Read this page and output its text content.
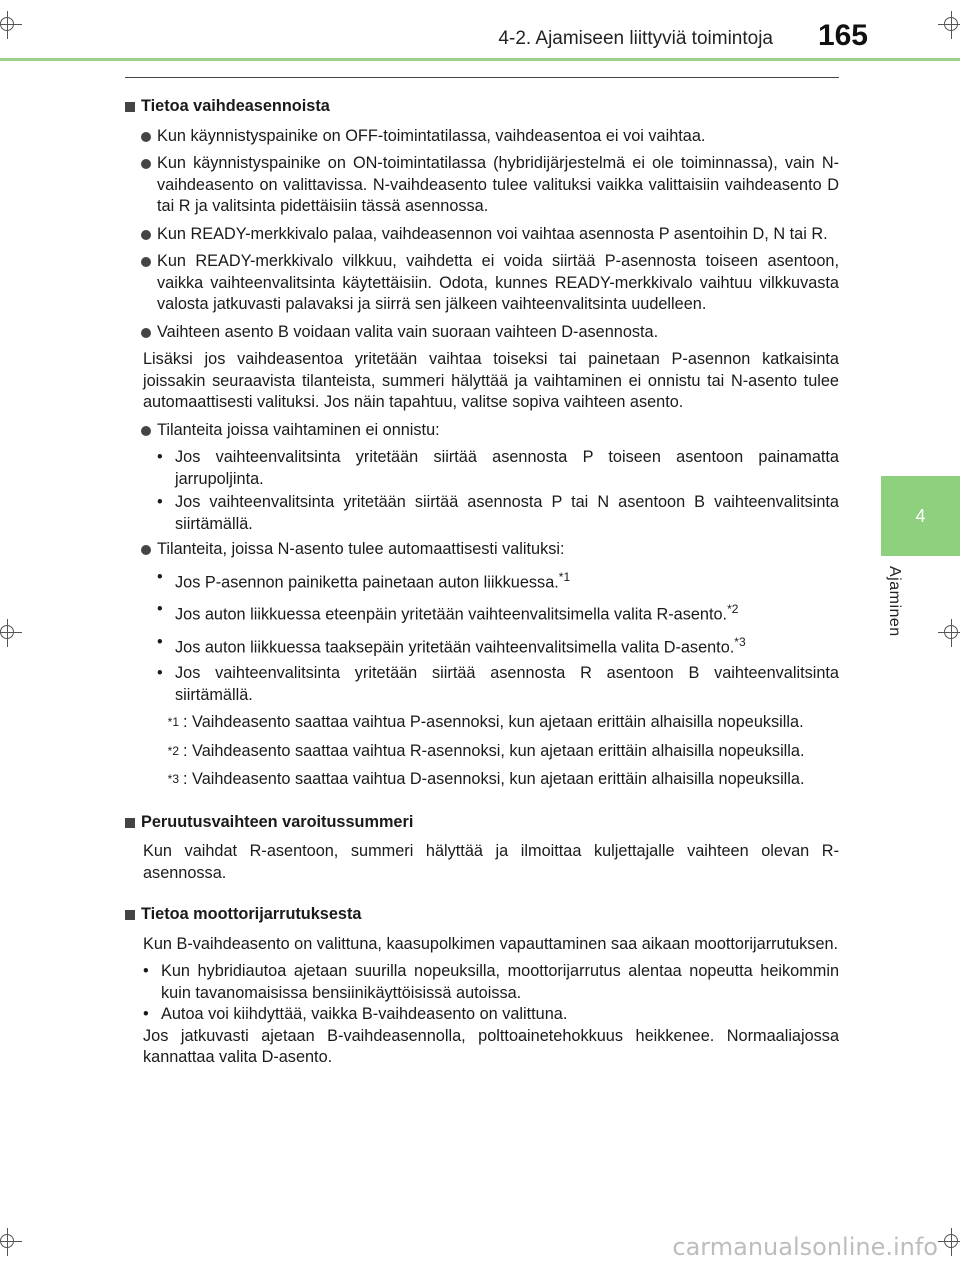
4-2. Ajamiseen liittyviä toimintoja 165
4
Ajaminen
Tietoa vaihdeasennoista
Kun käynnistyspainike on OFF-toimintatilassa, vaihdeasentoa ei voi vaihtaa.
Kun käynnistyspainike on ON-toimintatilassa (hybridijärjestelmä ei ole toiminnassa), vain N-vaihdeasento on valittavissa. N-vaihdeasento tulee valituksi vaikka valittaisiin vaihdeasento D tai R ja valitsinta pidettäisiin tässä asennossa.
Kun READY-merkkivalo palaa, vaihdeasennon voi vaihtaa asennosta P asentoihin D, N tai R.
Kun READY-merkkivalo vilkkuu, vaihdetta ei voida siirtää P-asennosta toiseen asentoon, vaikka vaihteenvalitsinta käytettäisiin. Odota, kunnes READY-merkkivalo vaihtuu vilkkuvasta valosta jatkuvasti palavaksi ja siirrä sen jälkeen vaihteenvalitsinta uudelleen.
Vaihteen asento B voidaan valita vain suoraan vaihteen D-asennosta.
Lisäksi jos vaihdeasentoa yritetään vaihtaa toiseksi tai painetaan P-asennon katkaisinta joissakin seuraavista tilanteista, summeri hälyttää ja vaihtaminen ei onnistu tai N-asento tulee automaattisesti valituksi. Jos näin tapahtuu, valitse sopiva vaihteen asento.
Tilanteita joissa vaihtaminen ei onnistu:
• Jos vaihteenvalitsinta yritetään siirtää asennosta P toiseen asentoon painamatta jarrupoljinta.
• Jos vaihteenvalitsinta yritetään siirtää asennosta P tai N asentoon B vaihteenvalitsinta siirtämällä.
Tilanteita, joissa N-asento tulee automaattisesti valituksi:
• Jos P-asennon painiketta painetaan auton liikkuessa.$^{*1}$
• Jos auton liikkuessa eteenpäin yritetään vaihteenvalitsimella valita R-asento.$^{*2}$
• Jos auton liikkuessa taaksepäin yritetään vaihteenvalitsimella valita D-asento.$^{*3}$
• Jos vaihteenvalitsinta yritetään siirtää asennosta R asentoon B vaihteenvalitsinta siirtämällä.
*1 : Vaihdeasento saattaa vaihtua P-asennoksi, kun ajetaan erittäin alhaisilla nopeuksilla.
*2 : Vaihdeasento saattaa vaihtua R-asennoksi, kun ajetaan erittäin alhaisilla nopeuksilla.
*3 : Vaihdeasento saattaa vaihtua D-asennoksi, kun ajetaan erittäin alhaisilla nopeuksilla.
Peruutusvaihteen varoitussummeri
Kun vaihdat R-asentoon, summeri hälyttää ja ilmoittaa kuljettajalle vaihteen olevan R-asennossa.
Tietoa moottorijarrutuksesta
Kun B-vaihdeasento on valittuna, kaasupolkimen vapauttaminen saa aikaan moottorijarrutuksen.
• Kun hybridiautoa ajetaan suurilla nopeuksilla, moottorijarrutus alentaa nopeutta heikommin kuin tavanomaisissa bensiinikäyttöisissä autoissa.
• Autoa voi kiihdyttää, vaikka B-vaihdeasento on valittuna.
Jos jatkuvasti ajetaan B-vaihdeasennolla, polttoainetehokkuus heikkenee. Normaaliajossa kannattaa valita D-asento.
carmanualsonline.info
